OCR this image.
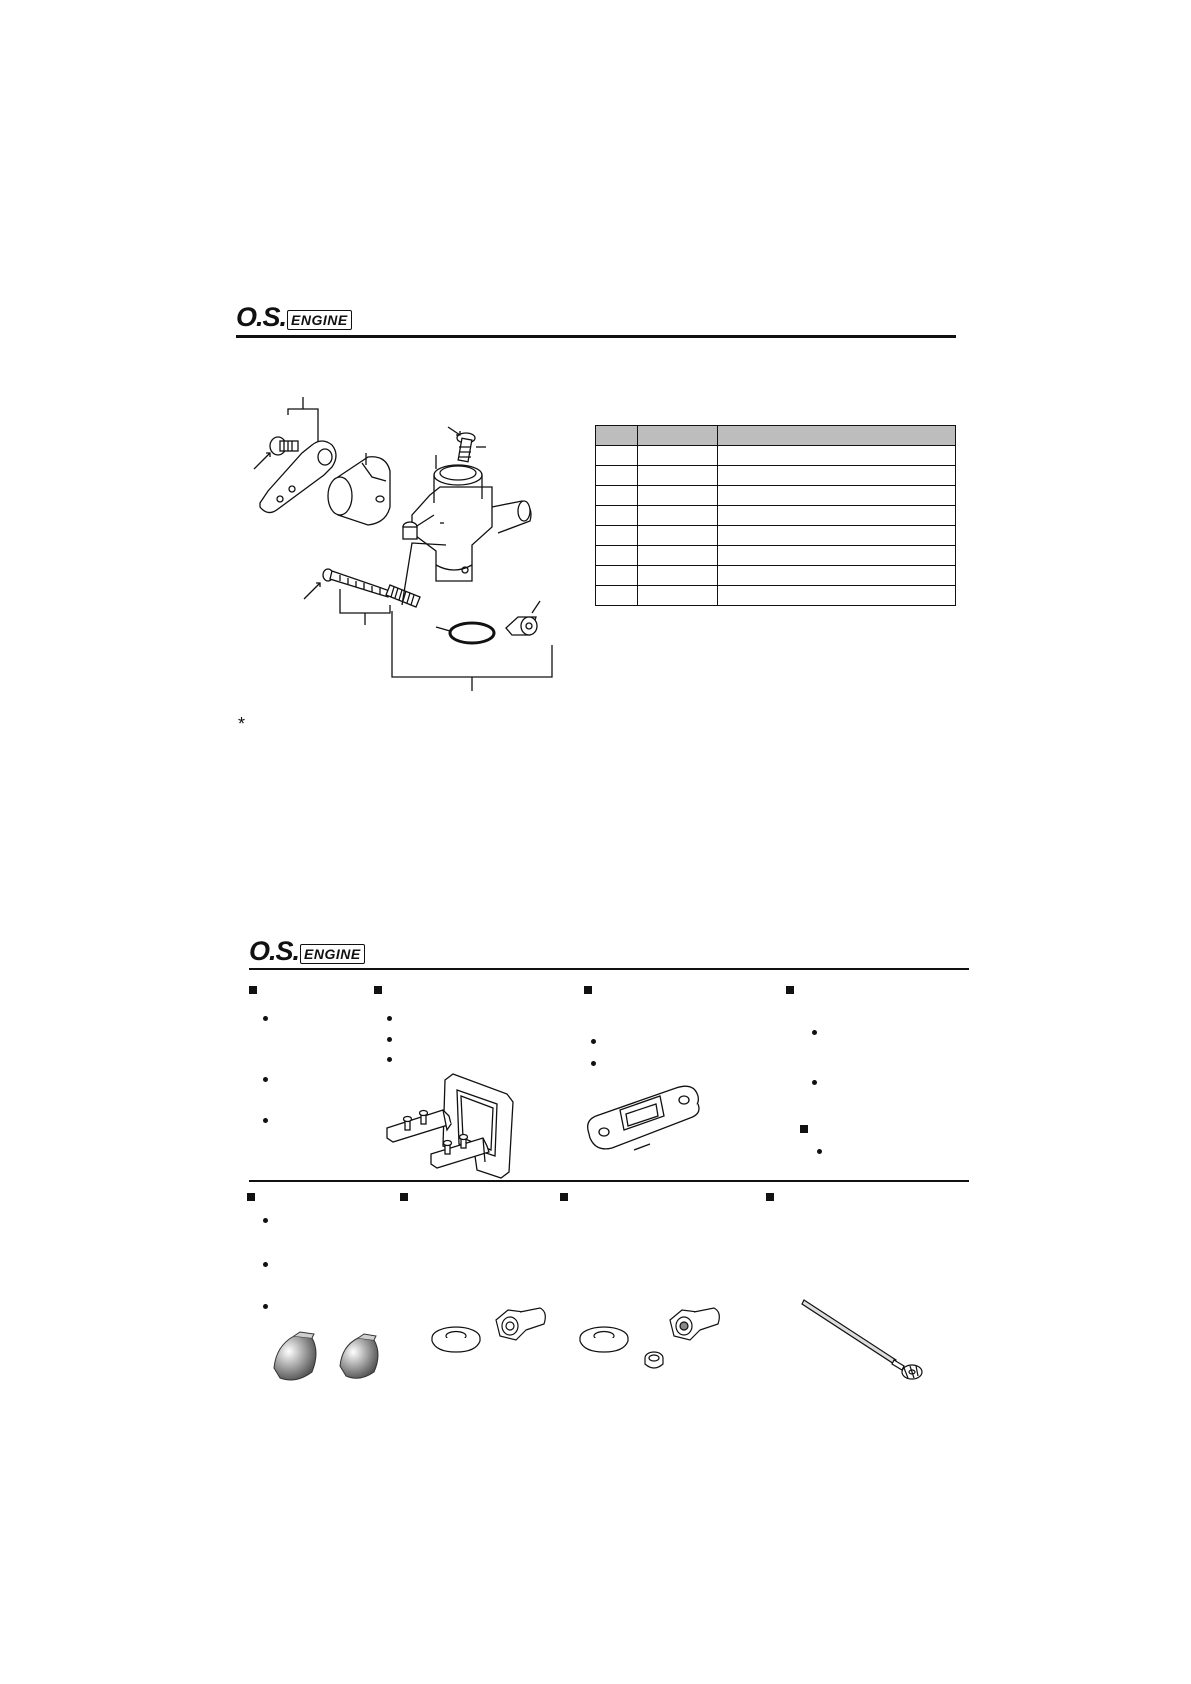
O.S. ENGINE

*
O.S. ENGINE
